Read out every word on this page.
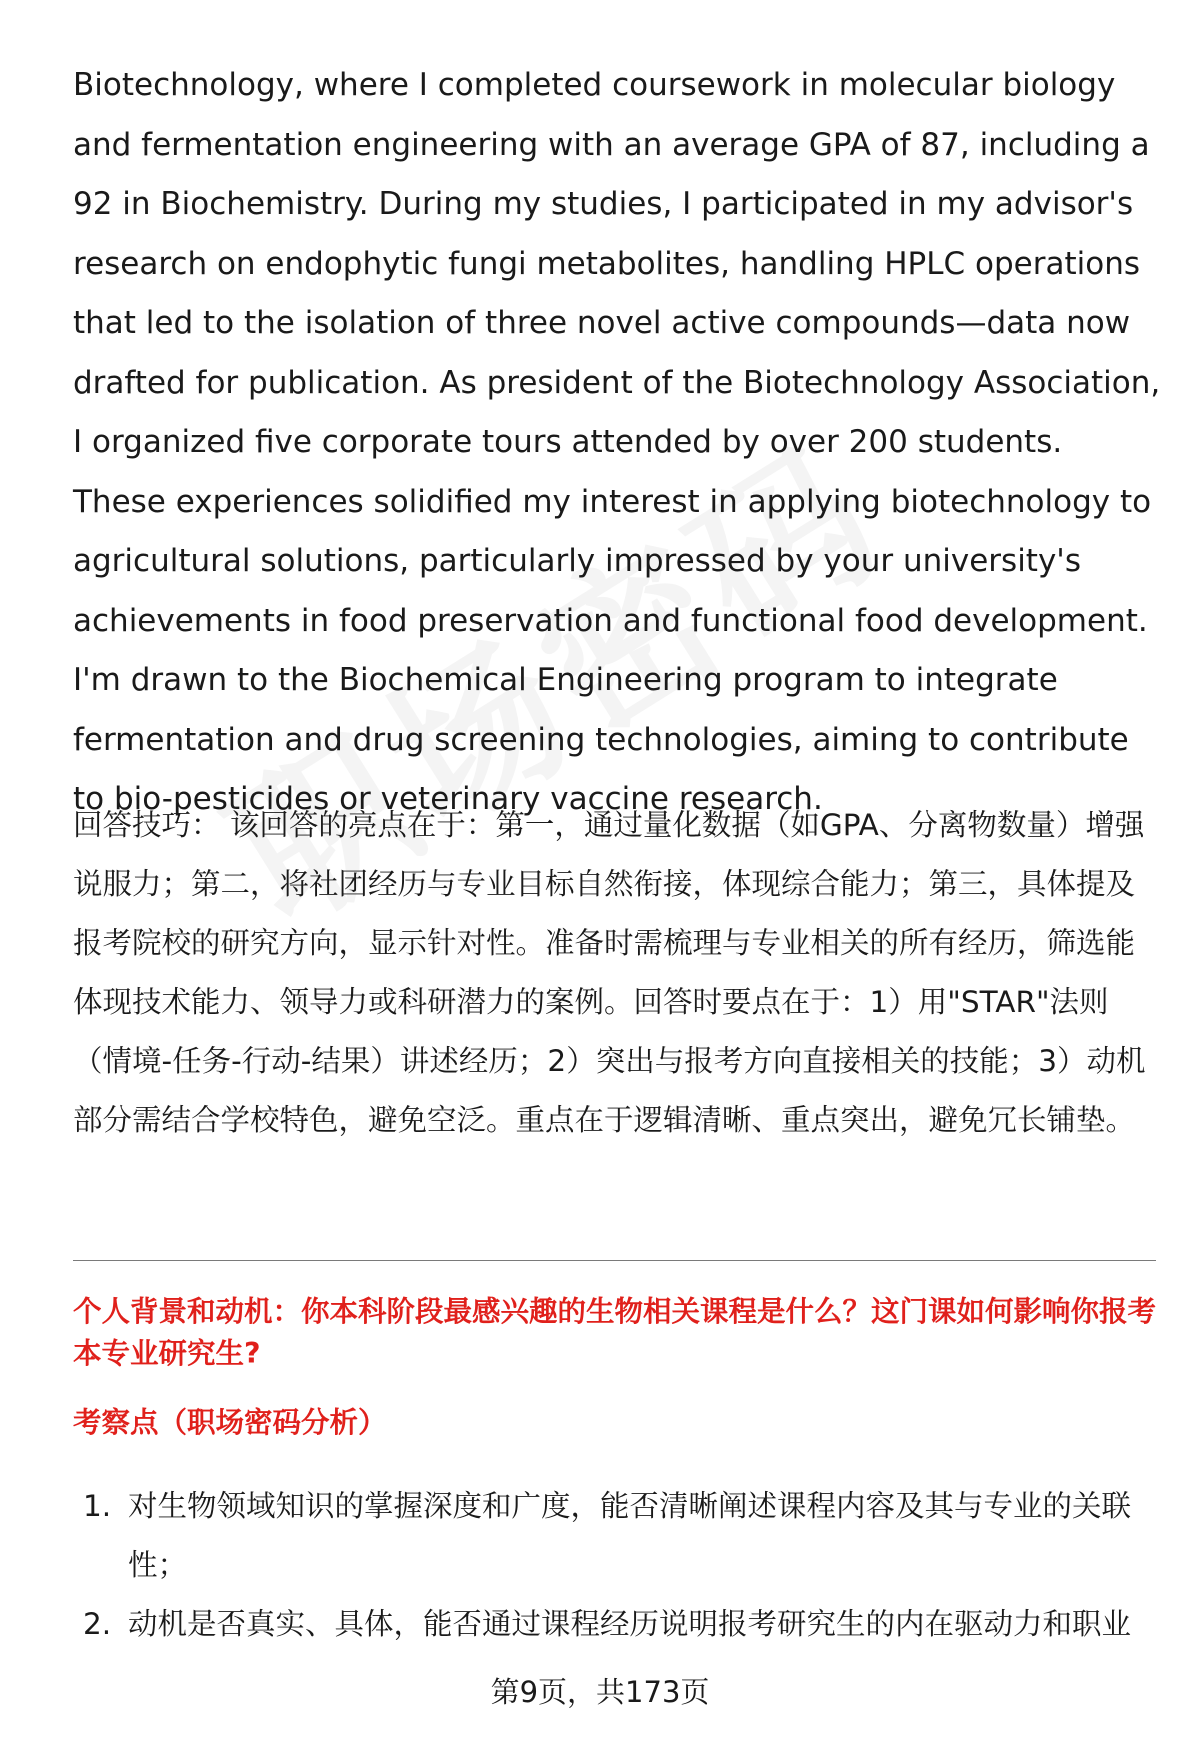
Biotechnology, where I completed coursework in molecular biology and fermentation engineering with an average GPA of 87, including a 92 in Biochemistry. During my studies, I participated in my advisor's research on endophytic fungi metabolites, handling HPLC operations that led to the isolation of three novel active compounds—data now drafted for publication. As president of the Biotechnology Association, I organized five corporate tours attended by over 200 students. These experiences solidified my interest in applying biotechnology to agricultural solutions, particularly impressed by your university's achievements in food preservation and functional food development. I'm drawn to the Biochemical Engineering program to integrate fermentation and drug screening technologies, aiming to contribute to bio-pesticides or veterinary vaccine research.

回答技巧： 该回答的亮点在于：第一，通过量化数据（如GPA、分离物数量）增强说服力；第二，将社团经历与专业目标自然衔接，体现综合能力；第三，具体提及报考院校的研究方向，显示针对性。准备时需梳理与专业相关的所有经历，筛选能体现技术能力、领导力或科研潜力的案例。回答时要点在于：1）用"STAR"法则（情境-任务-行动-结果）讲述经历；2）突出与报考方向直接相关的技能；3）动机部分需结合学校特色，避免空泛。重点在于逻辑清晰、重点突出，避免冗长铺垫。

个人背景和动机：你本科阶段最感兴趣的生物相关课程是什么？这门课如何影响你报考本专业研究生?
考察点（职场密码分析）
1. 对生物领域知识的掌握深度和广度，能否清晰阐述课程内容及其与专业的关联性；
2. 动机是否真实、具体，能否通过课程经历说明报考研究生的内在驱动力和职业
第9页，共173页
